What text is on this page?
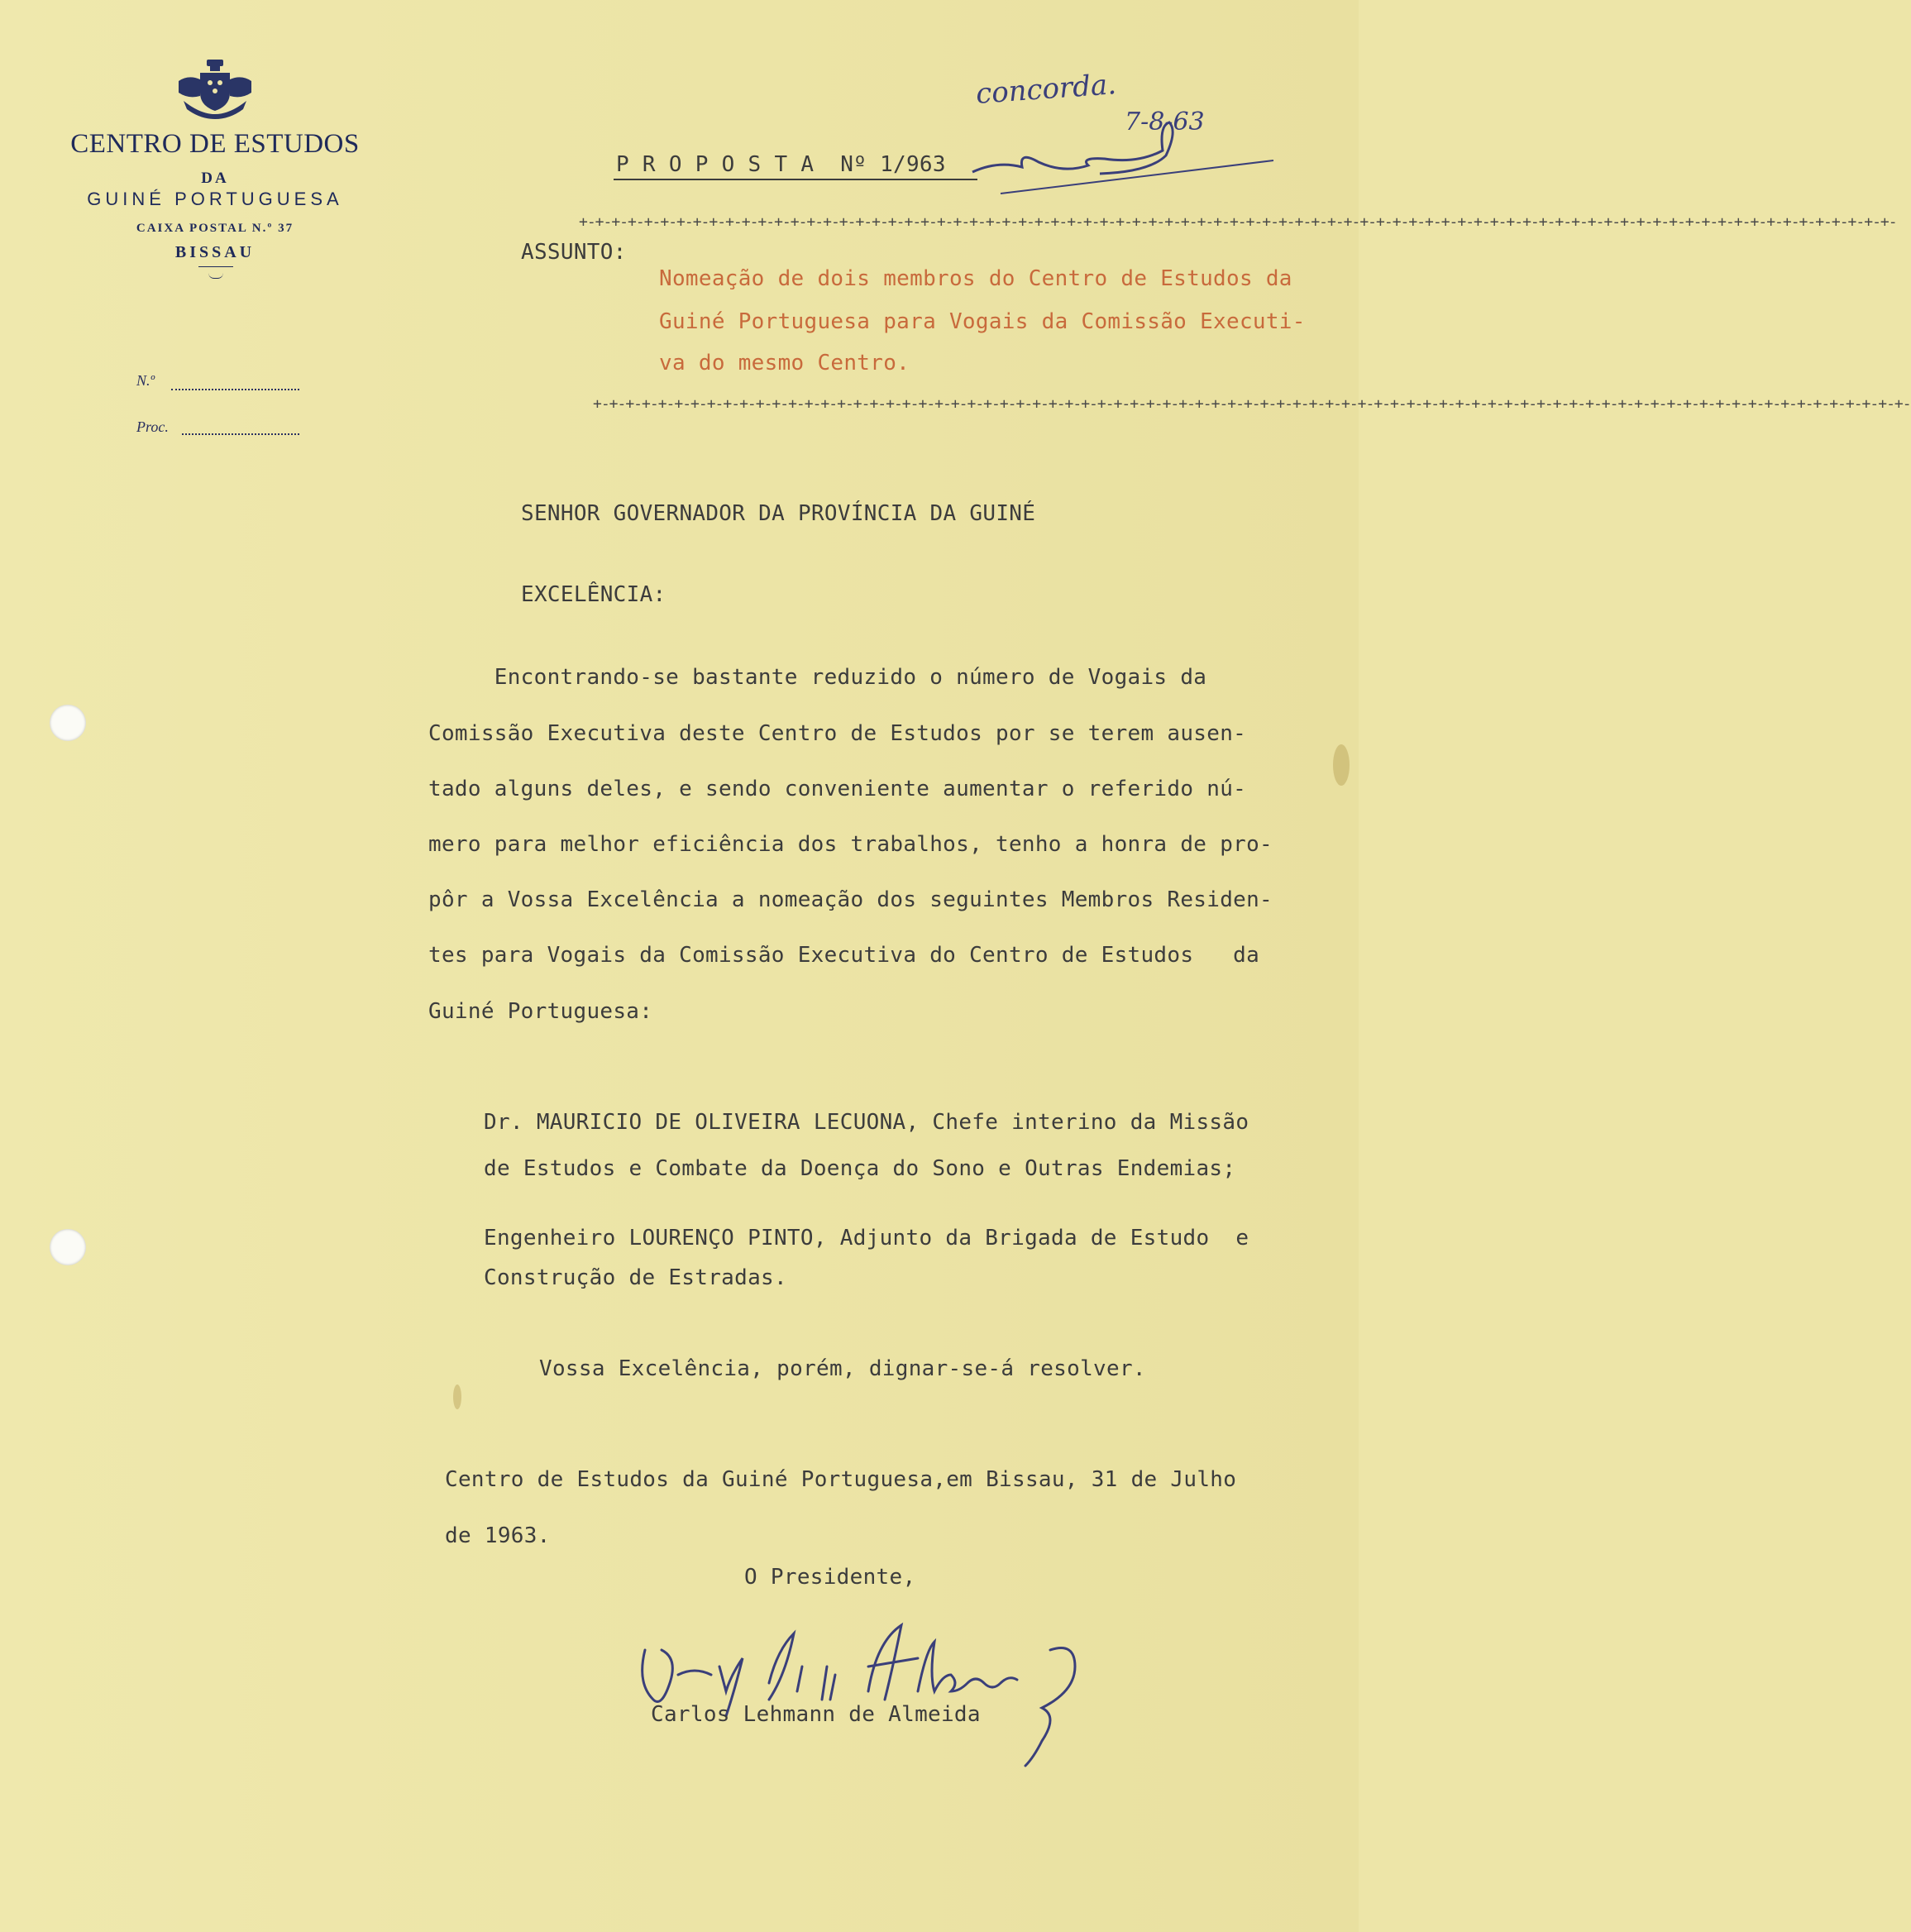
CENTRO DE ESTUDOS
DA
GUINÉ PORTUGUESA
CAIXA POSTAL N.º 37
BISSAU
N.º
Proc.
concorda.
7-8-63
P R O P O S T A  Nº 1/963
+-+-+-+-+-+-+-+-+-+-+-+-+-+-+-+-+-+-+-+-+-+-+-+-+-+-+-+-+-+-+-+-+-+-+-+-+-+-+-+-+-+-+-+-+-+-+-+-+-+-+-+-+-+-+-+-+-+-+-+-+-+-+-+-+-+-+-+-+-+-+-+-+-+-+-+-+-+-+-+-+-
ASSUNTO:
Nomeação de dois membros do Centro de Estudos da
Guiné Portuguesa para Vogais da Comissão Executi-
va do mesmo Centro.
+-+-+-+-+-+-+-+-+-+-+-+-+-+-+-+-+-+-+-+-+-+-+-+-+-+-+-+-+-+-+-+-+-+-+-+-+-+-+-+-+-+-+-+-+-+-+-+-+-+-+-+-+-+-+-+-+-+-+-+-+-+-+-+-+-+-+-+-+-+-+-+-+-+-+-+-+-+-+-+-+-
SENHOR GOVERNADOR DA PROVÍNCIA DA GUINÉ
EXCELÊNCIA:
Encontrando-se bastante reduzido o número de Vogais da
Comissão Executiva deste Centro de Estudos por se terem ausen-
tado alguns deles, e sendo conveniente aumentar o referido nú-
mero para melhor eficiência dos trabalhos, tenho a honra de pro-
pôr a Vossa Excelência a nomeação dos seguintes Membros Residen-
tes para Vogais da Comissão Executiva do Centro de Estudos   da
Guiné Portuguesa:
Dr. MAURICIO DE OLIVEIRA LECUONA, Chefe interino da Missão
de Estudos e Combate da Doença do Sono e Outras Endemias;
Engenheiro LOURENÇO PINTO, Adjunto da Brigada de Estudo  e
Construção de Estradas.
Vossa Excelência, porém, dignar-se-á resolver.
Centro de Estudos da Guiné Portuguesa,em Bissau, 31 de Julho
de 1963.
O Presidente,
Carlos Lehmann de Almeida
